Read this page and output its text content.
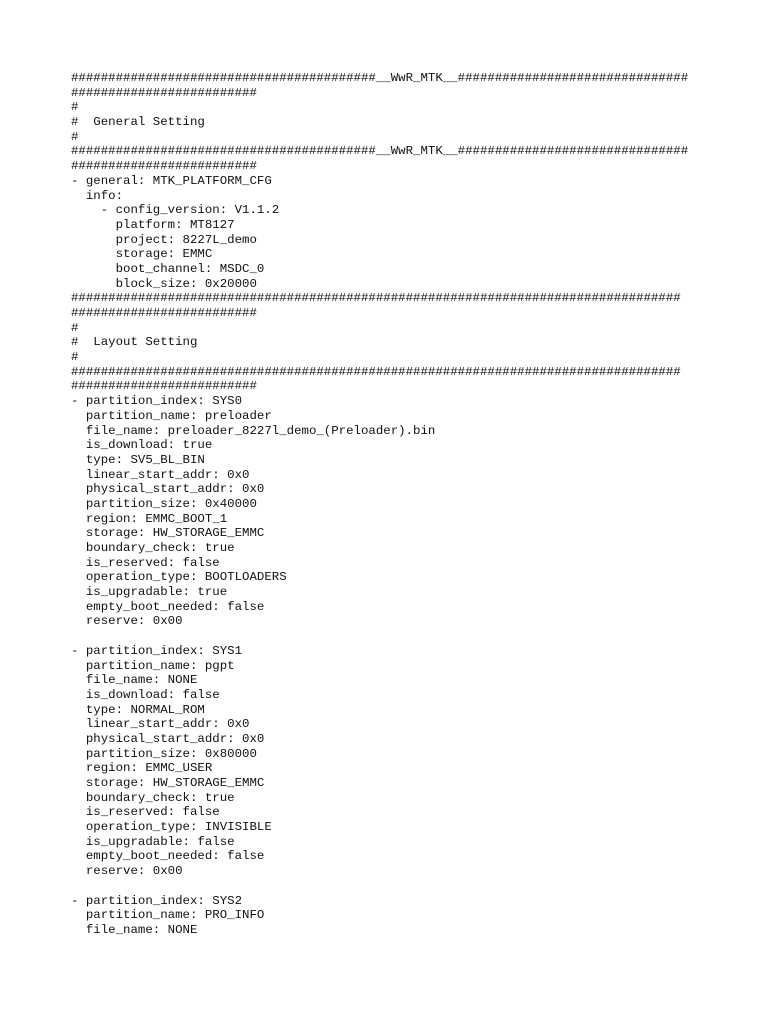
#########################################__WwR_MTK__###############################
#########################
#
#  General Setting
#
#########################################__WwR_MTK__###############################
#########################
- general: MTK_PLATFORM_CFG
info:
- config_version: V1.1.2
platform: MT8127
project: 8227L_demo
storage: EMMC
boot_channel: MSDC_0
block_size: 0x20000
##################################################################################
#########################
#
#  Layout Setting
#
##################################################################################
#########################
- partition_index: SYS0
partition_name: preloader
file_name: preloader_8227l_demo_(Preloader).bin
is_download: true
type: SV5_BL_BIN
linear_start_addr: 0x0
physical_start_addr: 0x0
partition_size: 0x40000
region: EMMC_BOOT_1
storage: HW_STORAGE_EMMC
boundary_check: true
is_reserved: false
operation_type: BOOTLOADERS
is_upgradable: true
empty_boot_needed: false
reserve: 0x00
- partition_index: SYS1
partition_name: pgpt
file_name: NONE
is_download: false
type: NORMAL_ROM
linear_start_addr: 0x0
physical_start_addr: 0x0
partition_size: 0x80000
region: EMMC_USER
storage: HW_STORAGE_EMMC
boundary_check: true
is_reserved: false
operation_type: INVISIBLE
is_upgradable: false
empty_boot_needed: false
reserve: 0x00
- partition_index: SYS2
partition_name: PRO_INFO
file_name: NONE
